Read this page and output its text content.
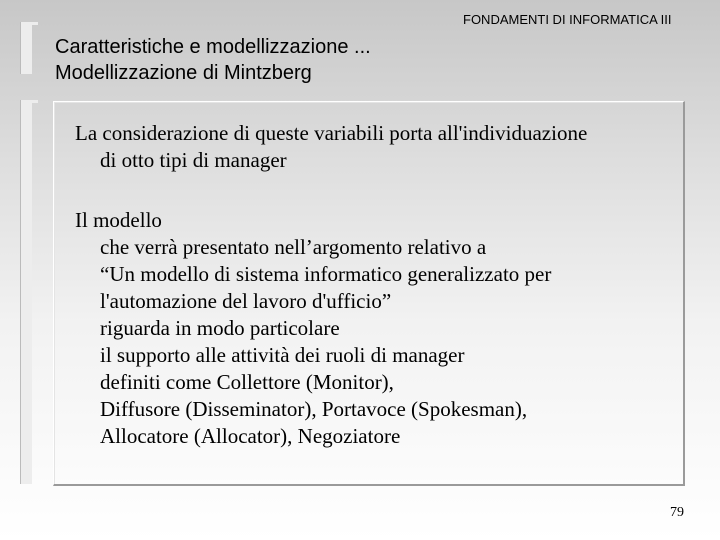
Caratteristiche e modellizzazione ...
Modellizzazione di Mintzberg
FONDAMENTI DI INFORMATICA III
La considerazione di queste variabili porta all'individuazione
di otto tipi di manager
Il modello
che verrà presentato nell’argomento relativo a
“Un modello di sistema informatico generalizzato per
l'automazione del lavoro d'ufficio”
riguarda in modo particolare
il supporto alle attività dei ruoli di manager
definiti come Collettore (Monitor),
Diffusore (Disseminator), Portavoce (Spokesman),
Allocatore (Allocator), Negoziatore
79
